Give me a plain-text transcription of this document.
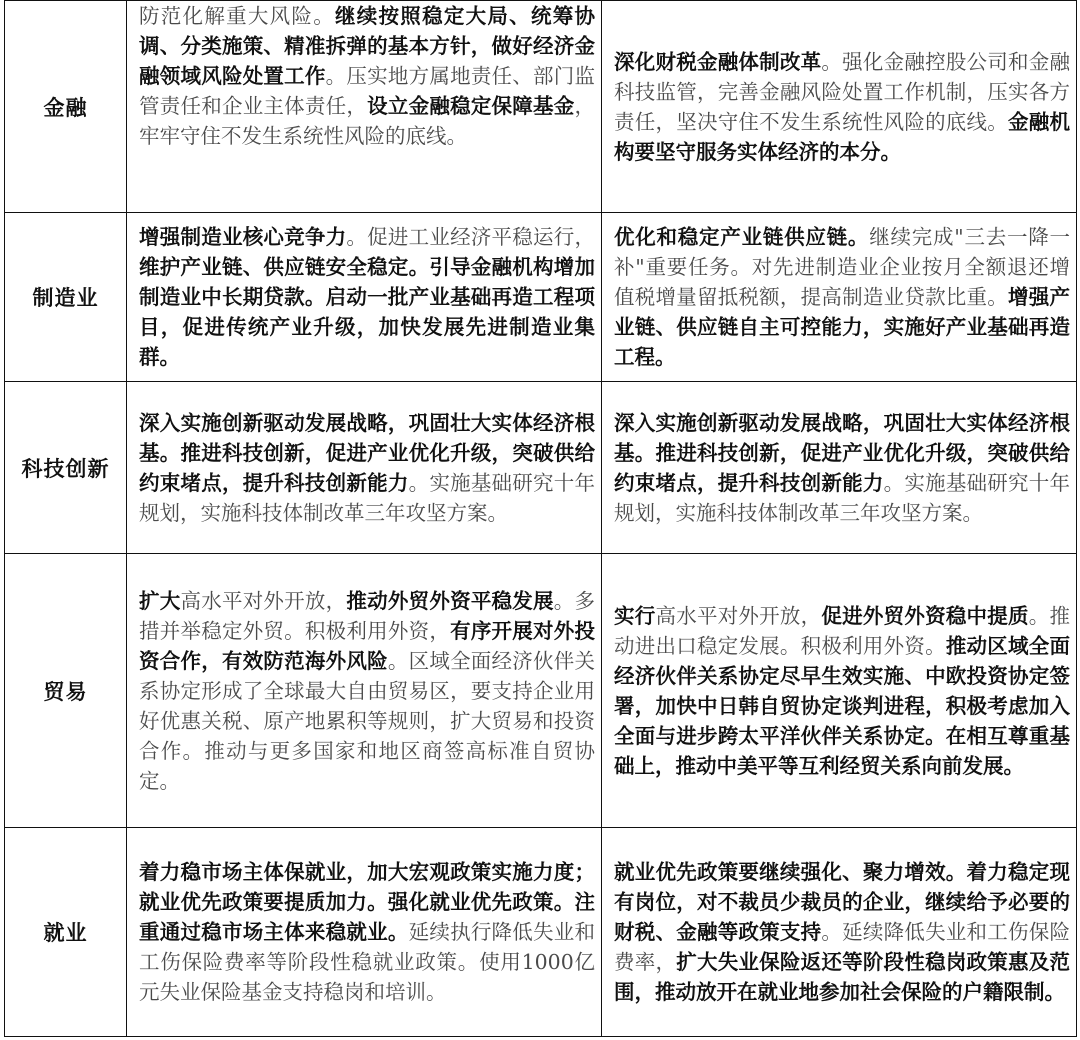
金融	防范化解重大风险。继续按照稳定大局、统筹协调、分类施策、精准拆弹的基本方针，做好经济金融领域风险处置工作。压实地方属地责任、部门监管责任和企业主体责任，设立金融稳定保障基金，牢牢守住不发生系统性风险的底线。	深化财税金融体制改革。强化金融控股公司和金融科技监管，完善金融风险处置工作机制，压实各方责任，坚决守住不发生系统性风险的底线。金融机构要坚守服务实体经济的本分。
制造业	增强制造业核心竞争力。促进工业经济平稳运行，维护产业链、供应链安全稳定。引导金融机构增加制造业中长期贷款。启动一批产业基础再造工程项目，促进传统产业升级，加快发展先进制造业集群。	优化和稳定产业链供应链。继续完成"三去一降一补"重要任务。对先进制造业企业按月全额退还增值税增量留抵税额，提高制造业贷款比重。增强产业链、供应链自主可控能力，实施好产业基础再造工程。
科技创新	深入实施创新驱动发展战略，巩固壮大实体经济根基。推进科技创新，促进产业优化升级，突破供给约束堵点，提升科技创新能力。实施基础研究十年规划，实施科技体制改革三年攻坚方案。	深入实施创新驱动发展战略，巩固壮大实体经济根基。推进科技创新，促进产业优化升级，突破供给约束堵点，提升科技创新能力。实施基础研究十年规划，实施科技体制改革三年攻坚方案。
贸易	扩大高水平对外开放，推动外贸外资平稳发展。多措并举稳定外贸。积极利用外资，有序开展对外投资合作，有效防范海外风险。区域全面经济伙伴关系协定形成了全球最大自由贸易区，要支持企业用好优惠关税、原产地累积等规则，扩大贸易和投资合作。推动与更多国家和地区商签高标准自贸协定。	实行高水平对外开放，促进外贸外资稳中提质。推动进出口稳定发展。积极利用外资。推动区域全面经济伙伴关系协定尽早生效实施、中欧投资协定签署，加快中日韩自贸协定谈判进程，积极考虑加入全面与进步跨太平洋伙伴关系协定。在相互尊重基础上，推动中美平等互利经贸关系向前发展。
就业	着力稳市场主体保就业，加大宏观政策实施力度；就业优先政策要提质加力。强化就业优先政策。注重通过稳市场主体来稳就业。延续执行降低失业和工伤保险费率等阶段性稳就业政策。使用1000亿元失业保险基金支持稳岗和培训。	就业优先政策要继续强化、聚力增效。着力稳定现有岗位，对不裁员少裁员的企业，继续给予必要的财税、金融等政策支持。延续降低失业和工伤保险费率，扩大失业保险返还等阶段性稳岗政策惠及范围，推动放开在就业地参加社会保险的户籍限制。
